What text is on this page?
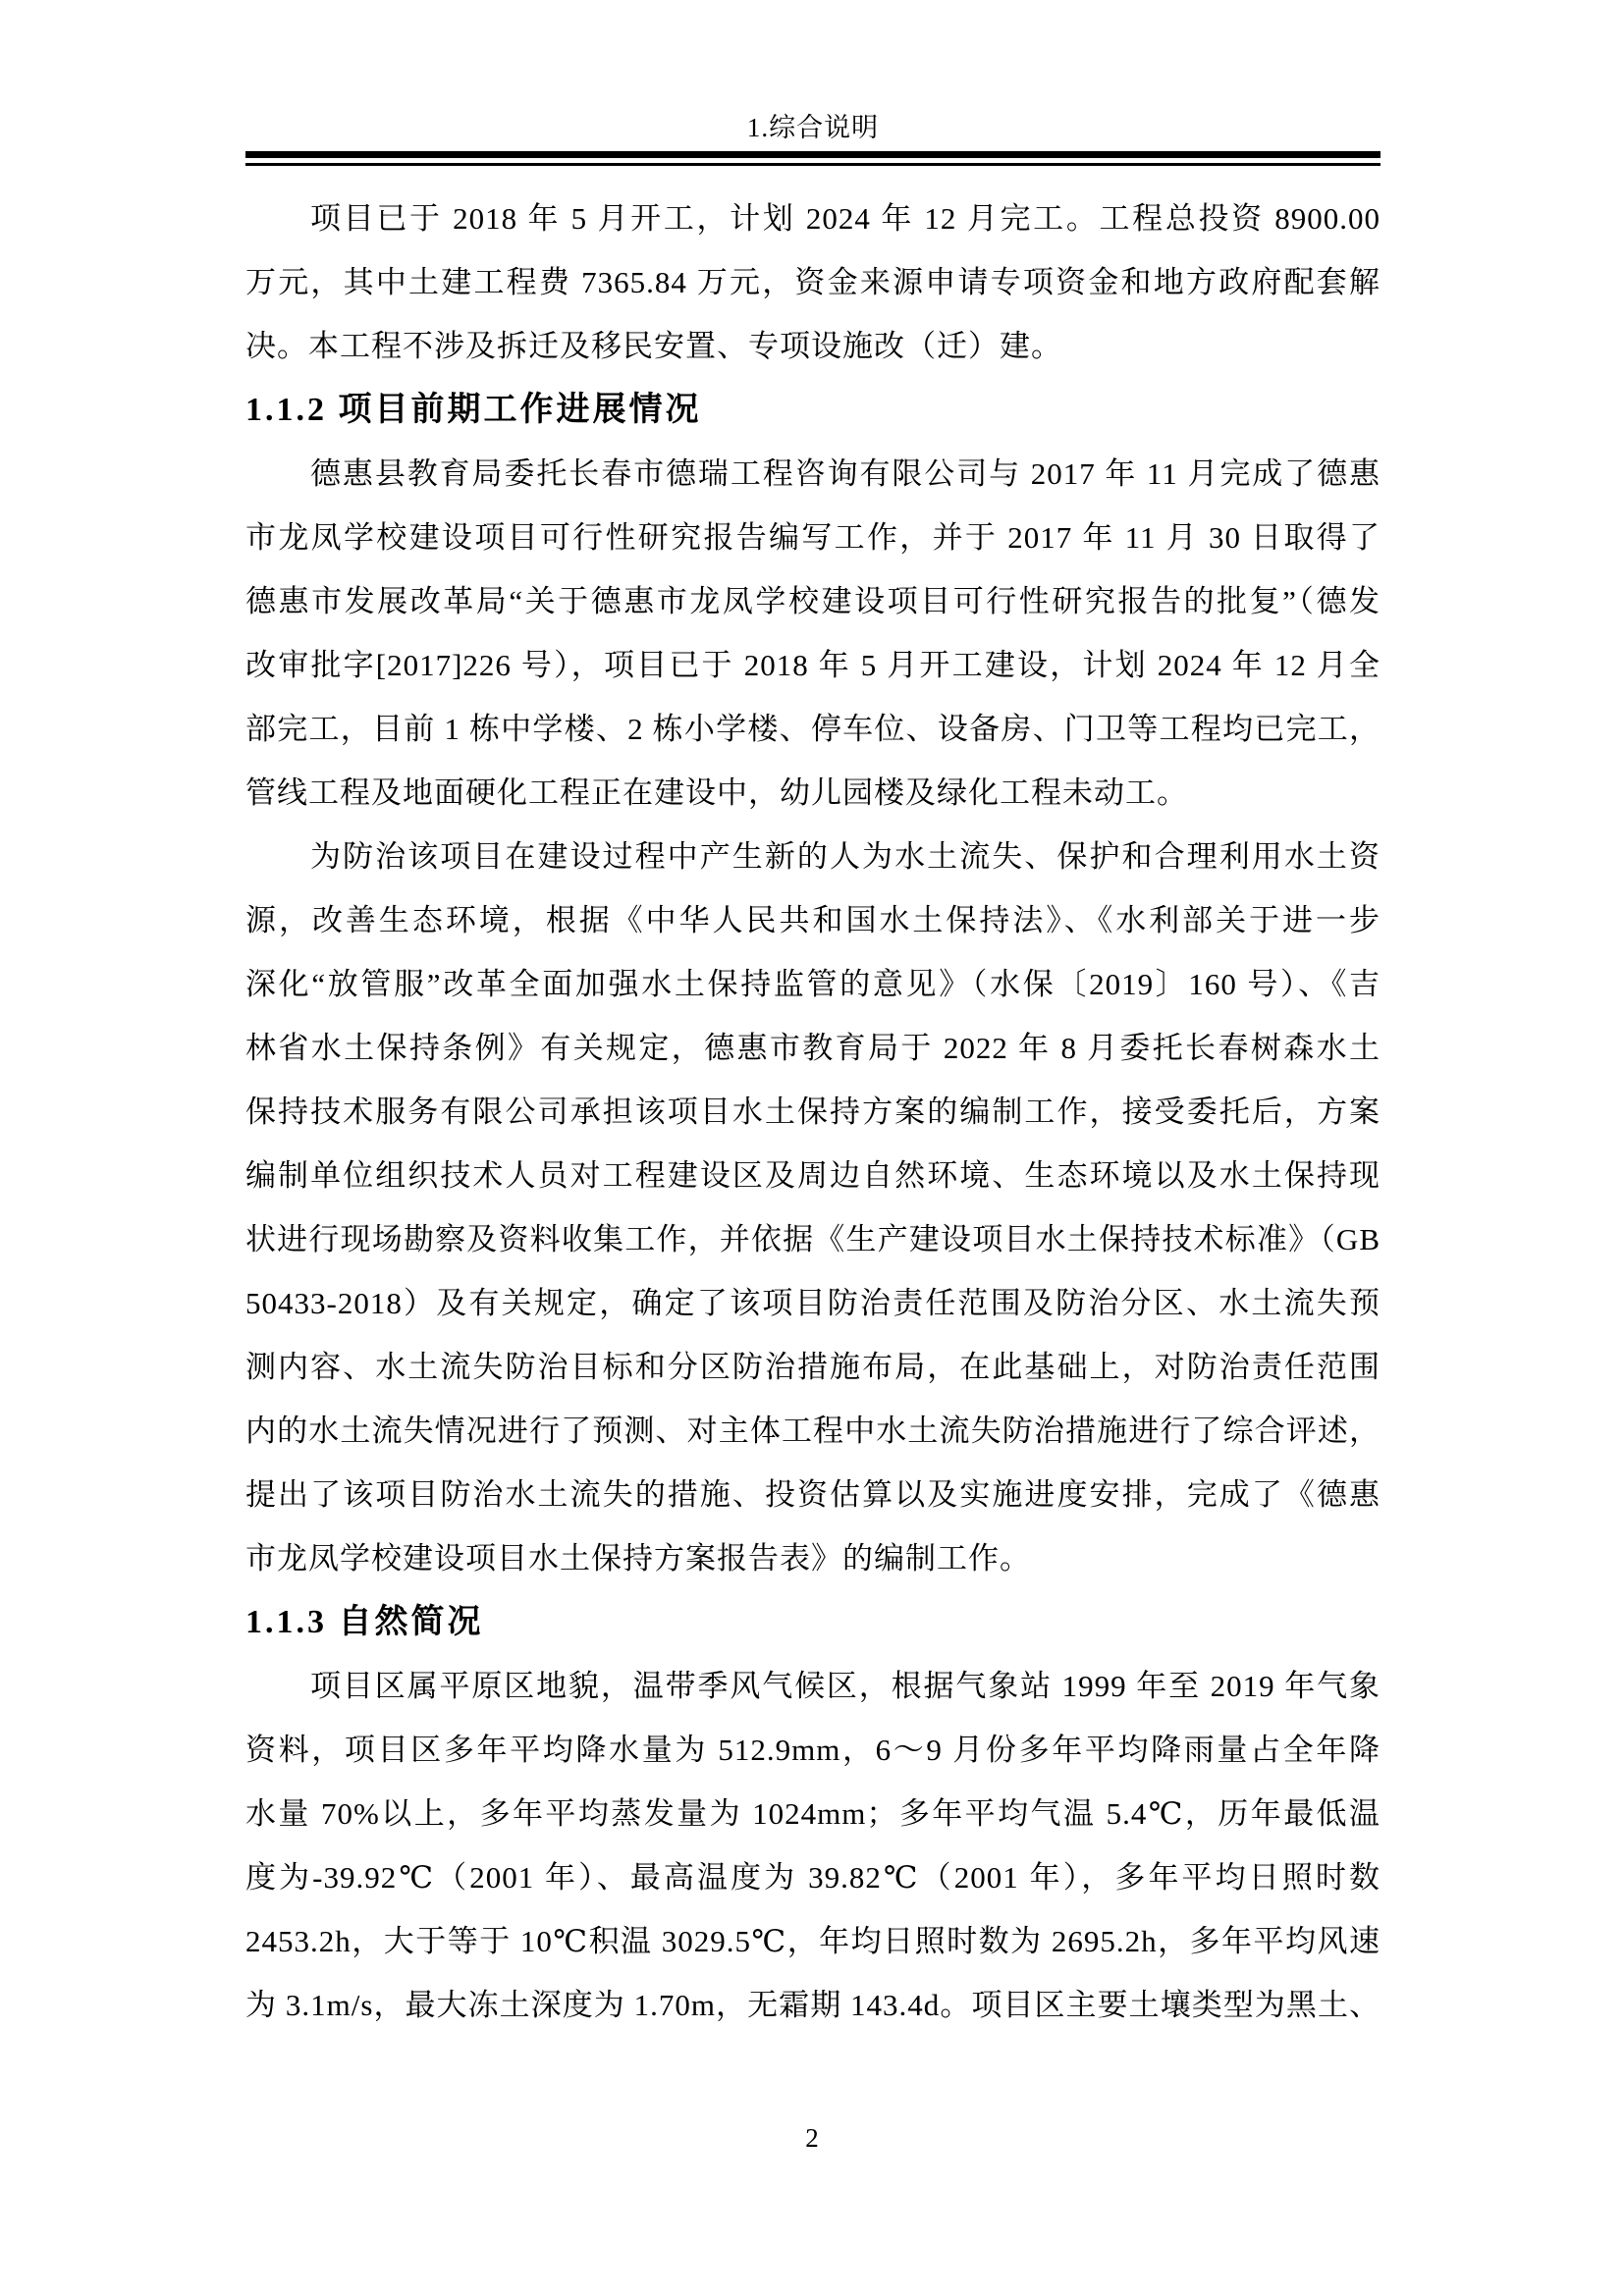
1.综合说明
项目已于 2018 年 5 月开工，计划 2024 年 12 月完工。工程总投资 8900.00
万元，其中土建工程费 7365.84 万元，资金来源申请专项资金和地方政府配套解
决。本工程不涉及拆迁及移民安置、专项设施改（迁）建。
1.1.2 项目前期工作进展情况
德惠县教育局委托长春市德瑞工程咨询有限公司与 2017 年 11 月完成了德惠
市龙凤学校建设项目可行性研究报告编写工作，并于 2017 年 11 月 30 日取得了
德惠市发展改革局“关于德惠市龙凤学校建设项目可行性研究报告的批复”（德发
改审批字[2017]226 号），项目已于 2018 年 5 月开工建设，计划 2024 年 12 月全
部完工，目前 1 栋中学楼、2 栋小学楼、停车位、设备房、门卫等工程均已完工，
管线工程及地面硬化工程正在建设中，幼儿园楼及绿化工程未动工。
为防治该项目在建设过程中产生新的人为水土流失、保护和合理利用水土资
源，改善生态环境，根据《中华人民共和国水土保持法》、《水利部关于进一步
深化“放管服”改革全面加强水土保持监管的意见》（水保〔2019〕160 号）、《吉
林省水土保持条例》有关规定，德惠市教育局于 2022 年 8 月委托长春树森水土
保持技术服务有限公司承担该项目水土保持方案的编制工作，接受委托后，方案
编制单位组织技术人员对工程建设区及周边自然环境、生态环境以及水土保持现
状进行现场勘察及资料收集工作，并依据《生产建设项目水土保持技术标准》（GB
50433-2018）及有关规定，确定了该项目防治责任范围及防治分区、水土流失预
测内容、水土流失防治目标和分区防治措施布局，在此基础上，对防治责任范围
内的水土流失情况进行了预测、对主体工程中水土流失防治措施进行了综合评述，
提出了该项目防治水土流失的措施、投资估算以及实施进度安排，完成了《德惠
市龙凤学校建设项目水土保持方案报告表》的编制工作。
1.1.3 自然简况
项目区属平原区地貌，温带季风气候区，根据气象站 1999 年至 2019 年气象
资料，项目区多年平均降水量为 512.9mm，6～9 月份多年平均降雨量占全年降
水量 70%以上，多年平均蒸发量为 1024mm；多年平均气温 5.4℃，历年最低温
度为-39.92℃（2001 年）、最高温度为 39.82℃（2001 年），多年平均日照时数
2453.2h，大于等于 10℃积温 3029.5℃，年均日照时数为 2695.2h，多年平均风速
为 3.1m/s，最大冻土深度为 1.70m，无霜期 143.4d。项目区主要土壤类型为黑土、
2
